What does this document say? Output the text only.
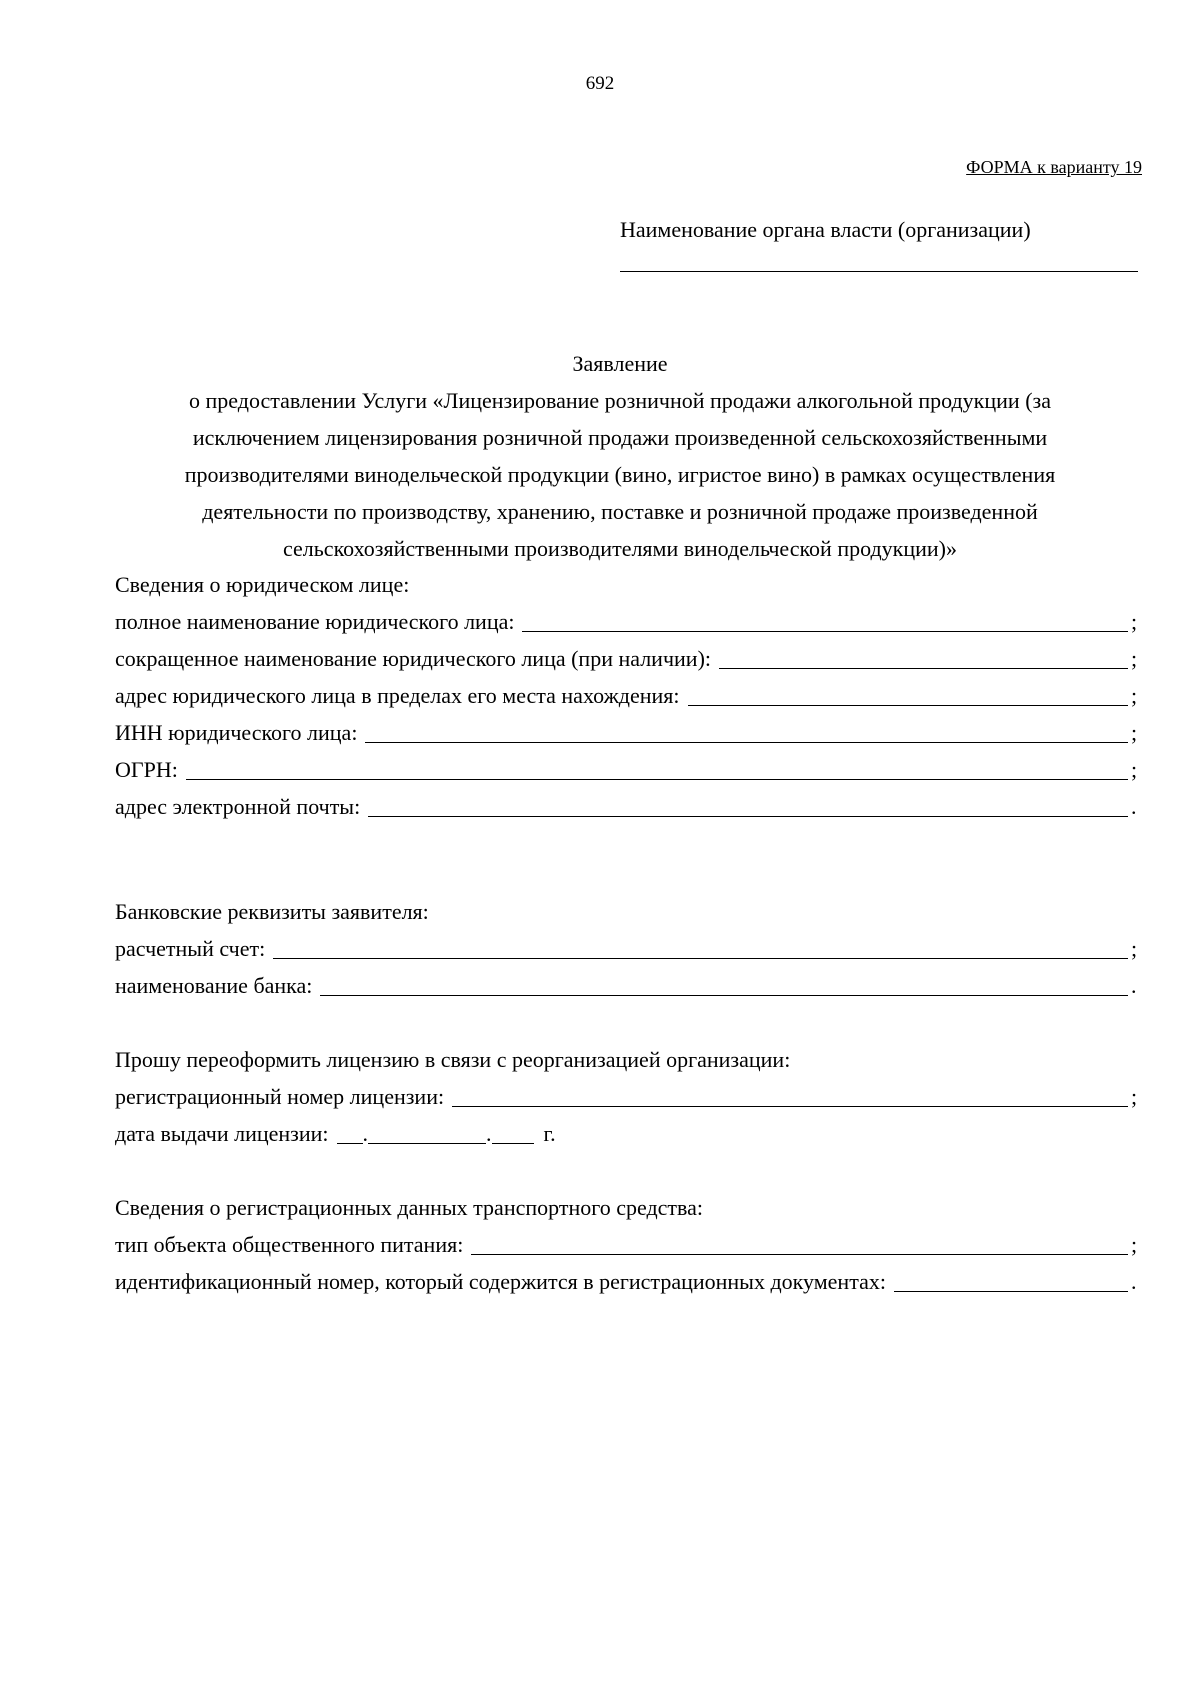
692
ФОРМА к варианту 19
Наименование органа власти (организации)
Заявление
о предоставлении Услуги «Лицензирование розничной продажи алкогольной продукции (за
исключением лицензирования розничной продажи произведенной сельскохозяйственными
производителями винодельческой продукции (вино, игристое вино) в рамках осуществления
деятельности по производству, хранению, поставке и розничной продаже произведенной
сельскохозяйственными производителями винодельческой продукции)»
Сведения о юридическом лице:
полное наименование юридического лица:	;
сокращенное наименование юридического лица (при наличии):	;
адрес юридического лица в пределах его места нахождения:	;
ИНН юридического лица:	;
ОГРН:	;
адрес электронной почты:	.
Банковские реквизиты заявителя:
расчетный счет:	;
наименование банка:	.
Прошу переоформить лицензию в связи с реорганизацией организации:
регистрационный номер лицензии:	;
дата выдачи лицензии: .	. г.
Сведения о регистрационных данных транспортного средства:
тип объекта общественного питания:	;
идентификационный номер, который содержится в регистрационных документах:	.
